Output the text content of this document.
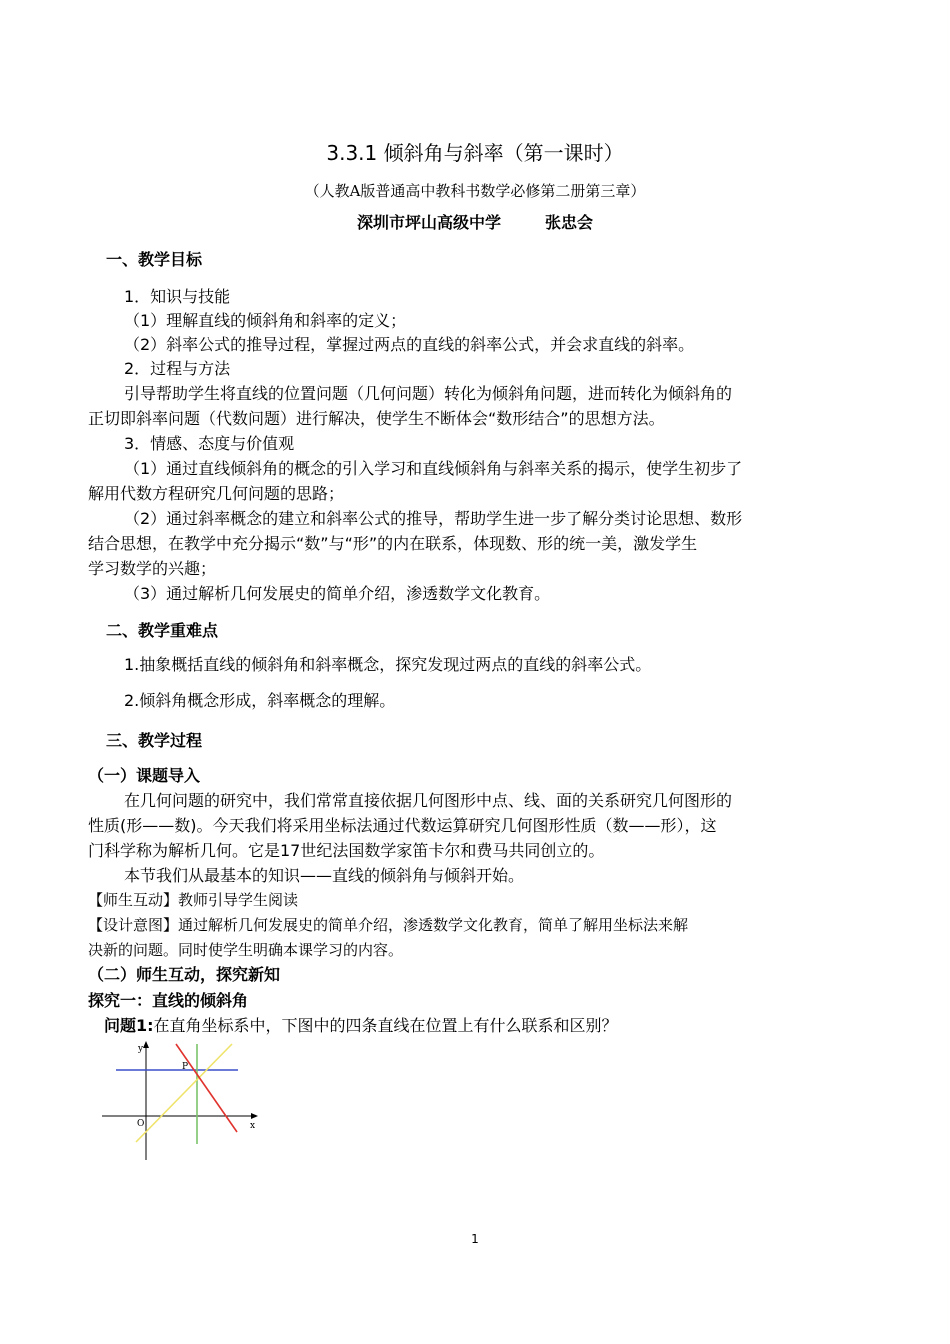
3.3.1 倾斜角与斜率（第一课时）
（人教A版普通高中教科书数学必修第二册第三章）
深圳市坪山高级中学	张忠会
一、教学目标
1．知识与技能
（1）理解直线的倾斜角和斜率的定义；
（2）斜率公式的推导过程，掌握过两点的直线的斜率公式，并会求直线的斜率。
2．过程与方法
引导帮助学生将直线的位置问题（几何问题）转化为倾斜角问题，进而转化为倾斜角的
正切即斜率问题（代数问题）进行解决，使学生不断体会“数形结合”的思想方法。
3．情感、态度与价值观
（1）通过直线倾斜角的概念的引入学习和直线倾斜角与斜率关系的揭示，使学生初步了
解用代数方程研究几何问题的思路；
（2）通过斜率概念的建立和斜率公式的推导，帮助学生进一步了解分类讨论思想、数形
结合思想，在教学中充分揭示“数”与“形”的内在联系，体现数、形的统一美，激发学生
学习数学的兴趣；
（3）通过解析几何发展史的简单介绍，渗透数学文化教育。
二、教学重难点
1.抽象概括直线的倾斜角和斜率概念，探究发现过两点的直线的斜率公式。
2.倾斜角概念形成，斜率概念的理解。
三、教学过程
（一）课题导入
在几何问题的研究中，我们常常直接依据几何图形中点、线、面的关系研究几何图形的
性质(形——数)。今天我们将采用坐标法通过代数运算研究几何图形性质（数——形），这
门科学称为解析几何。它是17世纪法国数学家笛卡尔和费马共同创立的。
本节我们从最基本的知识——直线的倾斜角与倾斜开始。
【师生互动】教师引导学生阅读
【设计意图】通过解析几何发展史的简单介绍，渗透数学文化教育，简单了解用坐标法来解
决新的问题。同时使学生明确本课学习的内容。
（二）师生互动，探究新知
探究一：直线的倾斜角
问题1:在直角坐标系中，下图中的四条直线在位置上有什么联系和区别？
y
x
O
P
1
